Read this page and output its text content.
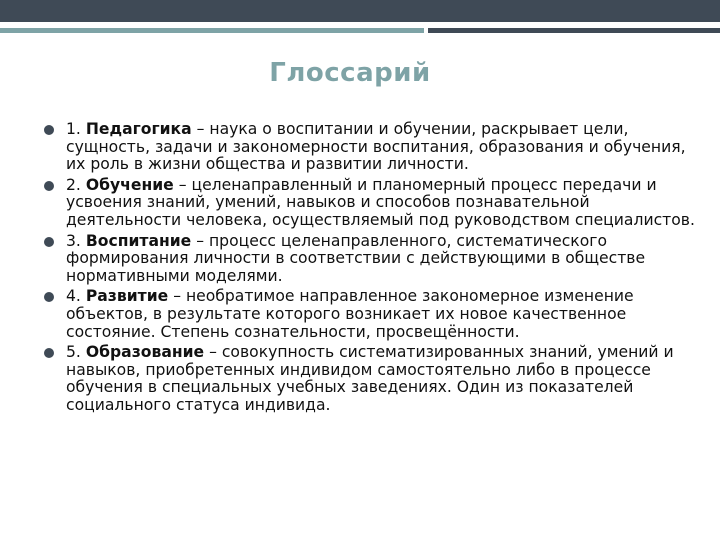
Глоссарий
1. Педагогика – наука о воспитании и обучении, раскрывает цели, сущность, задачи и закономерности воспитания, образования и обучения, их роль в жизни общества и развитии личности.
2. Обучение – целенаправленный и планомерный процесс передачи и усвоения знаний, умений, навыков и способов познавательной деятельности человека, осуществляемый под руководством специалистов.
3. Воспитание – процесс целенаправленного, систематического формирования личности в соответствии с действующими в обществе нормативными моделями.
4. Развитие – необратимое направленное закономерное изменение объектов, в результате которого возникает их новое качественное состояние. Степень сознательности, просвещённости.
5. Образование – совокупность систематизированных знаний, умений и навыков, приобретенных индивидом самостоятельно либо в процессе обучения в специальных учебных заведениях. Один из показателей социального статуса индивида.
